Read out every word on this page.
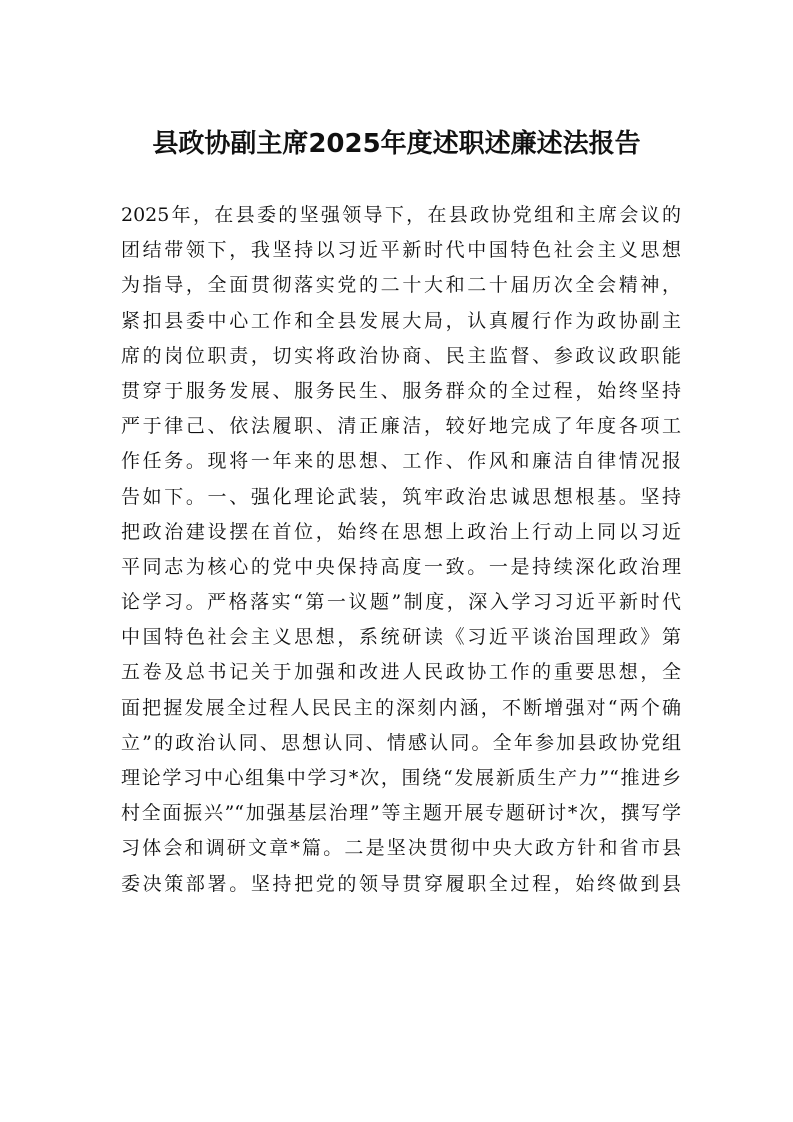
县政协副主席2025年度述职述廉述法报告
2025年，在县委的坚强领导下，在县政协党组和主席会议的
团结带领下，我坚持以习近平新时代中国特色社会主义思想
为指导，全面贯彻落实党的二十大和二十届历次全会精神，
紧扣县委中心工作和全县发展大局，认真履行作为政协副主
席的岗位职责，切实将政治协商、民主监督、参政议政职能
贯穿于服务发展、服务民生、服务群众的全过程，始终坚持
严于律己、依法履职、清正廉洁，较好地完成了年度各项工
作任务。现将一年来的思想、工作、作风和廉洁自律情况报
告如下。一、强化理论武装，筑牢政治忠诚思想根基。坚持
把政治建设摆在首位，始终在思想上政治上行动上同以习近
平同志为核心的党中央保持高度一致。一是持续深化政治理
论学习。严格落实“第一议题”制度，深入学习习近平新时代
中国特色社会主义思想，系统研读《习近平谈治国理政》第
五卷及总书记关于加强和改进人民政协工作的重要思想，全
面把握发展全过程人民民主的深刻内涵，不断增强对“两个确
立”的政治认同、思想认同、情感认同。全年参加县政协党组
理论学习中心组集中学习*次，围绕“发展新质生产力”“推进乡
村全面振兴”“加强基层治理”等主题开展专题研讨*次，撰写学
习体会和调研文章*篇。二是坚决贯彻中央大政方针和省市县
委决策部署。坚持把党的领导贯穿履职全过程，始终做到县
